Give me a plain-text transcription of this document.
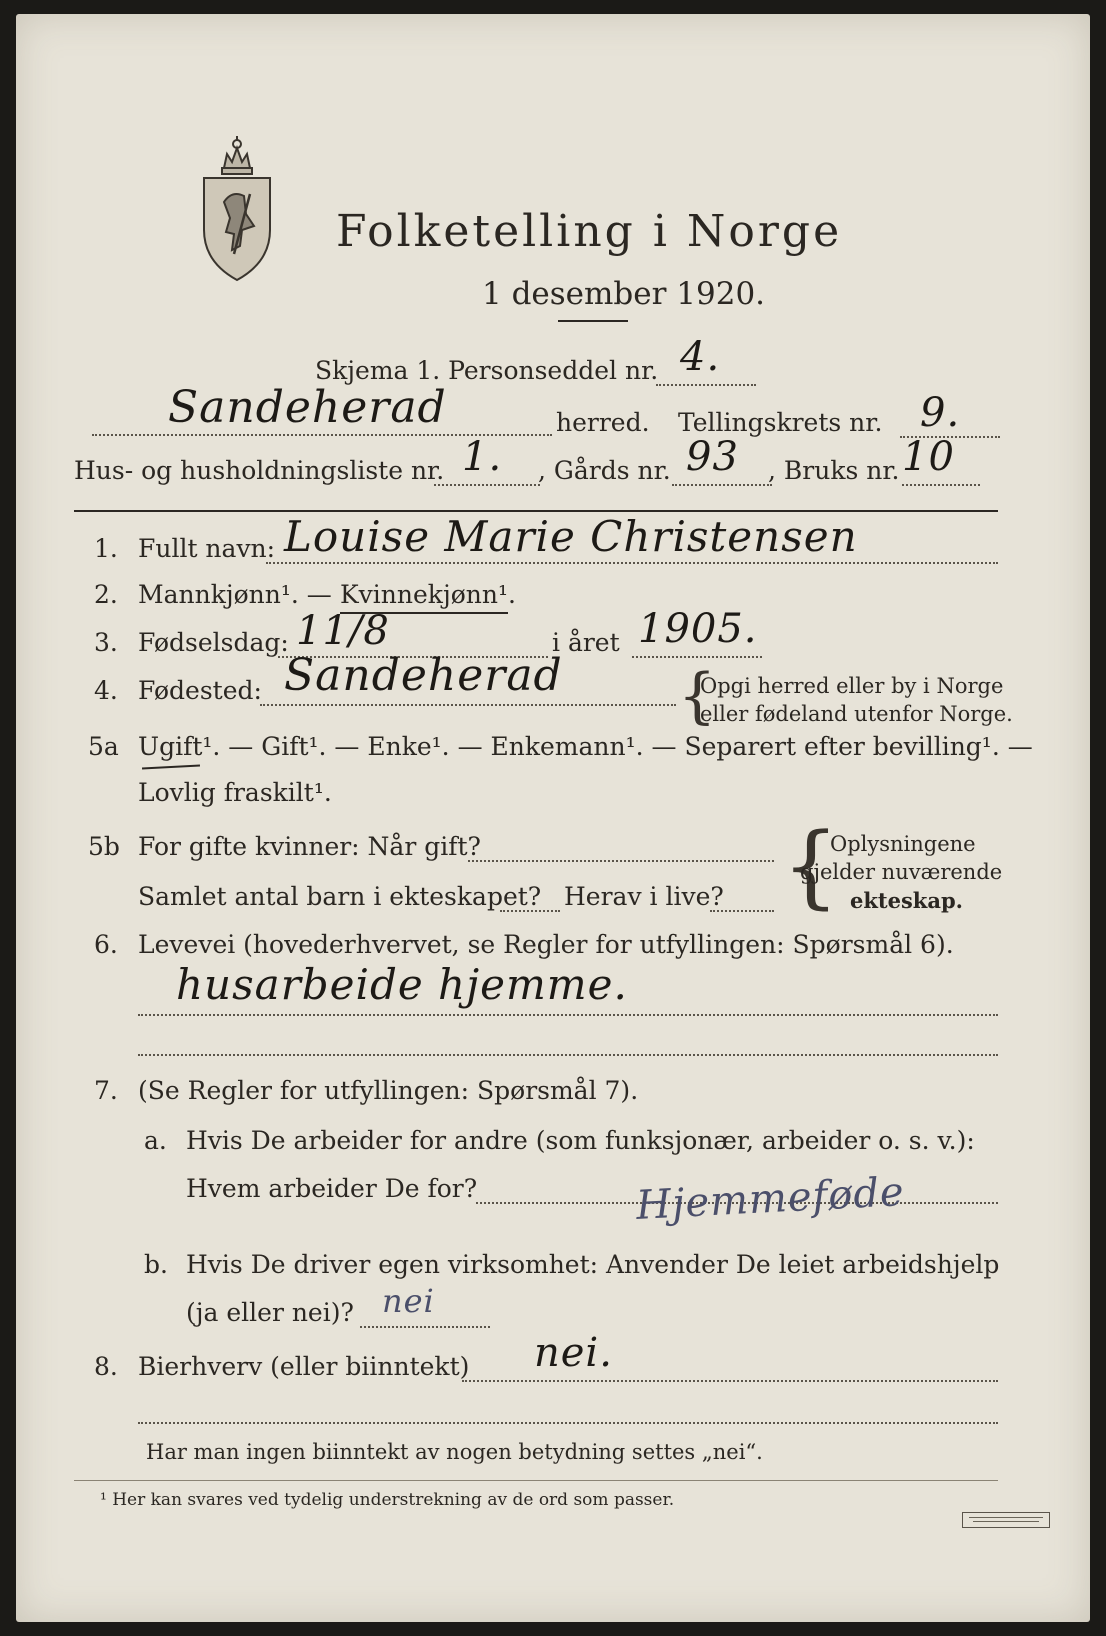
Folketelling i Norge
1 desember 1920.
Skjema 1. Personseddel nr. 4.
Sandeherad	herred. Tellingskrets nr. 9.
Hus- og husholdningsliste nr. 1. , Gårds nr. 93 , Bruks nr. 10
1. Fullt navn: Louise Marie Christensen
2. Mannkjønn¹. — Kvinnekjønn¹.
3. Fødselsdag: 11/8	i året 1905.
4. Fødested: Sandeherad {
Opgi herred eller by i Norge
eller fødeland utenfor Norge.
5a Ugift¹. — Gift¹. — Enke¹. — Enkemann¹. — Separert efter bevilling¹. —
Lovlig fraskilt¹.
5b For gifte kvinner: Når gift?
Samlet antal barn i ekteskapet? Herav i live? {
Oplysningene
gjelder nuværende
ekteskap.
6. Levevei (hovederhvervet, se Regler for utfyllingen: Spørsmål 6).
husarbeide hjemme.
7. (Se Regler for utfyllingen: Spørsmål 7).
a. Hvis De arbeider for andre (som funksjonær, arbeider o. s. v.):
Hvem arbeider De for?	Hjemmeføde
b. Hvis De driver egen virksomhet: Anvender De leiet arbeidshjelp
(ja eller nei)? nei
8. Bierhverv (eller biinntekt) nei.
Har man ingen biinntekt av nogen betydning settes „nei“.
¹ Her kan svares ved tydelig understrekning av de ord som passer.
